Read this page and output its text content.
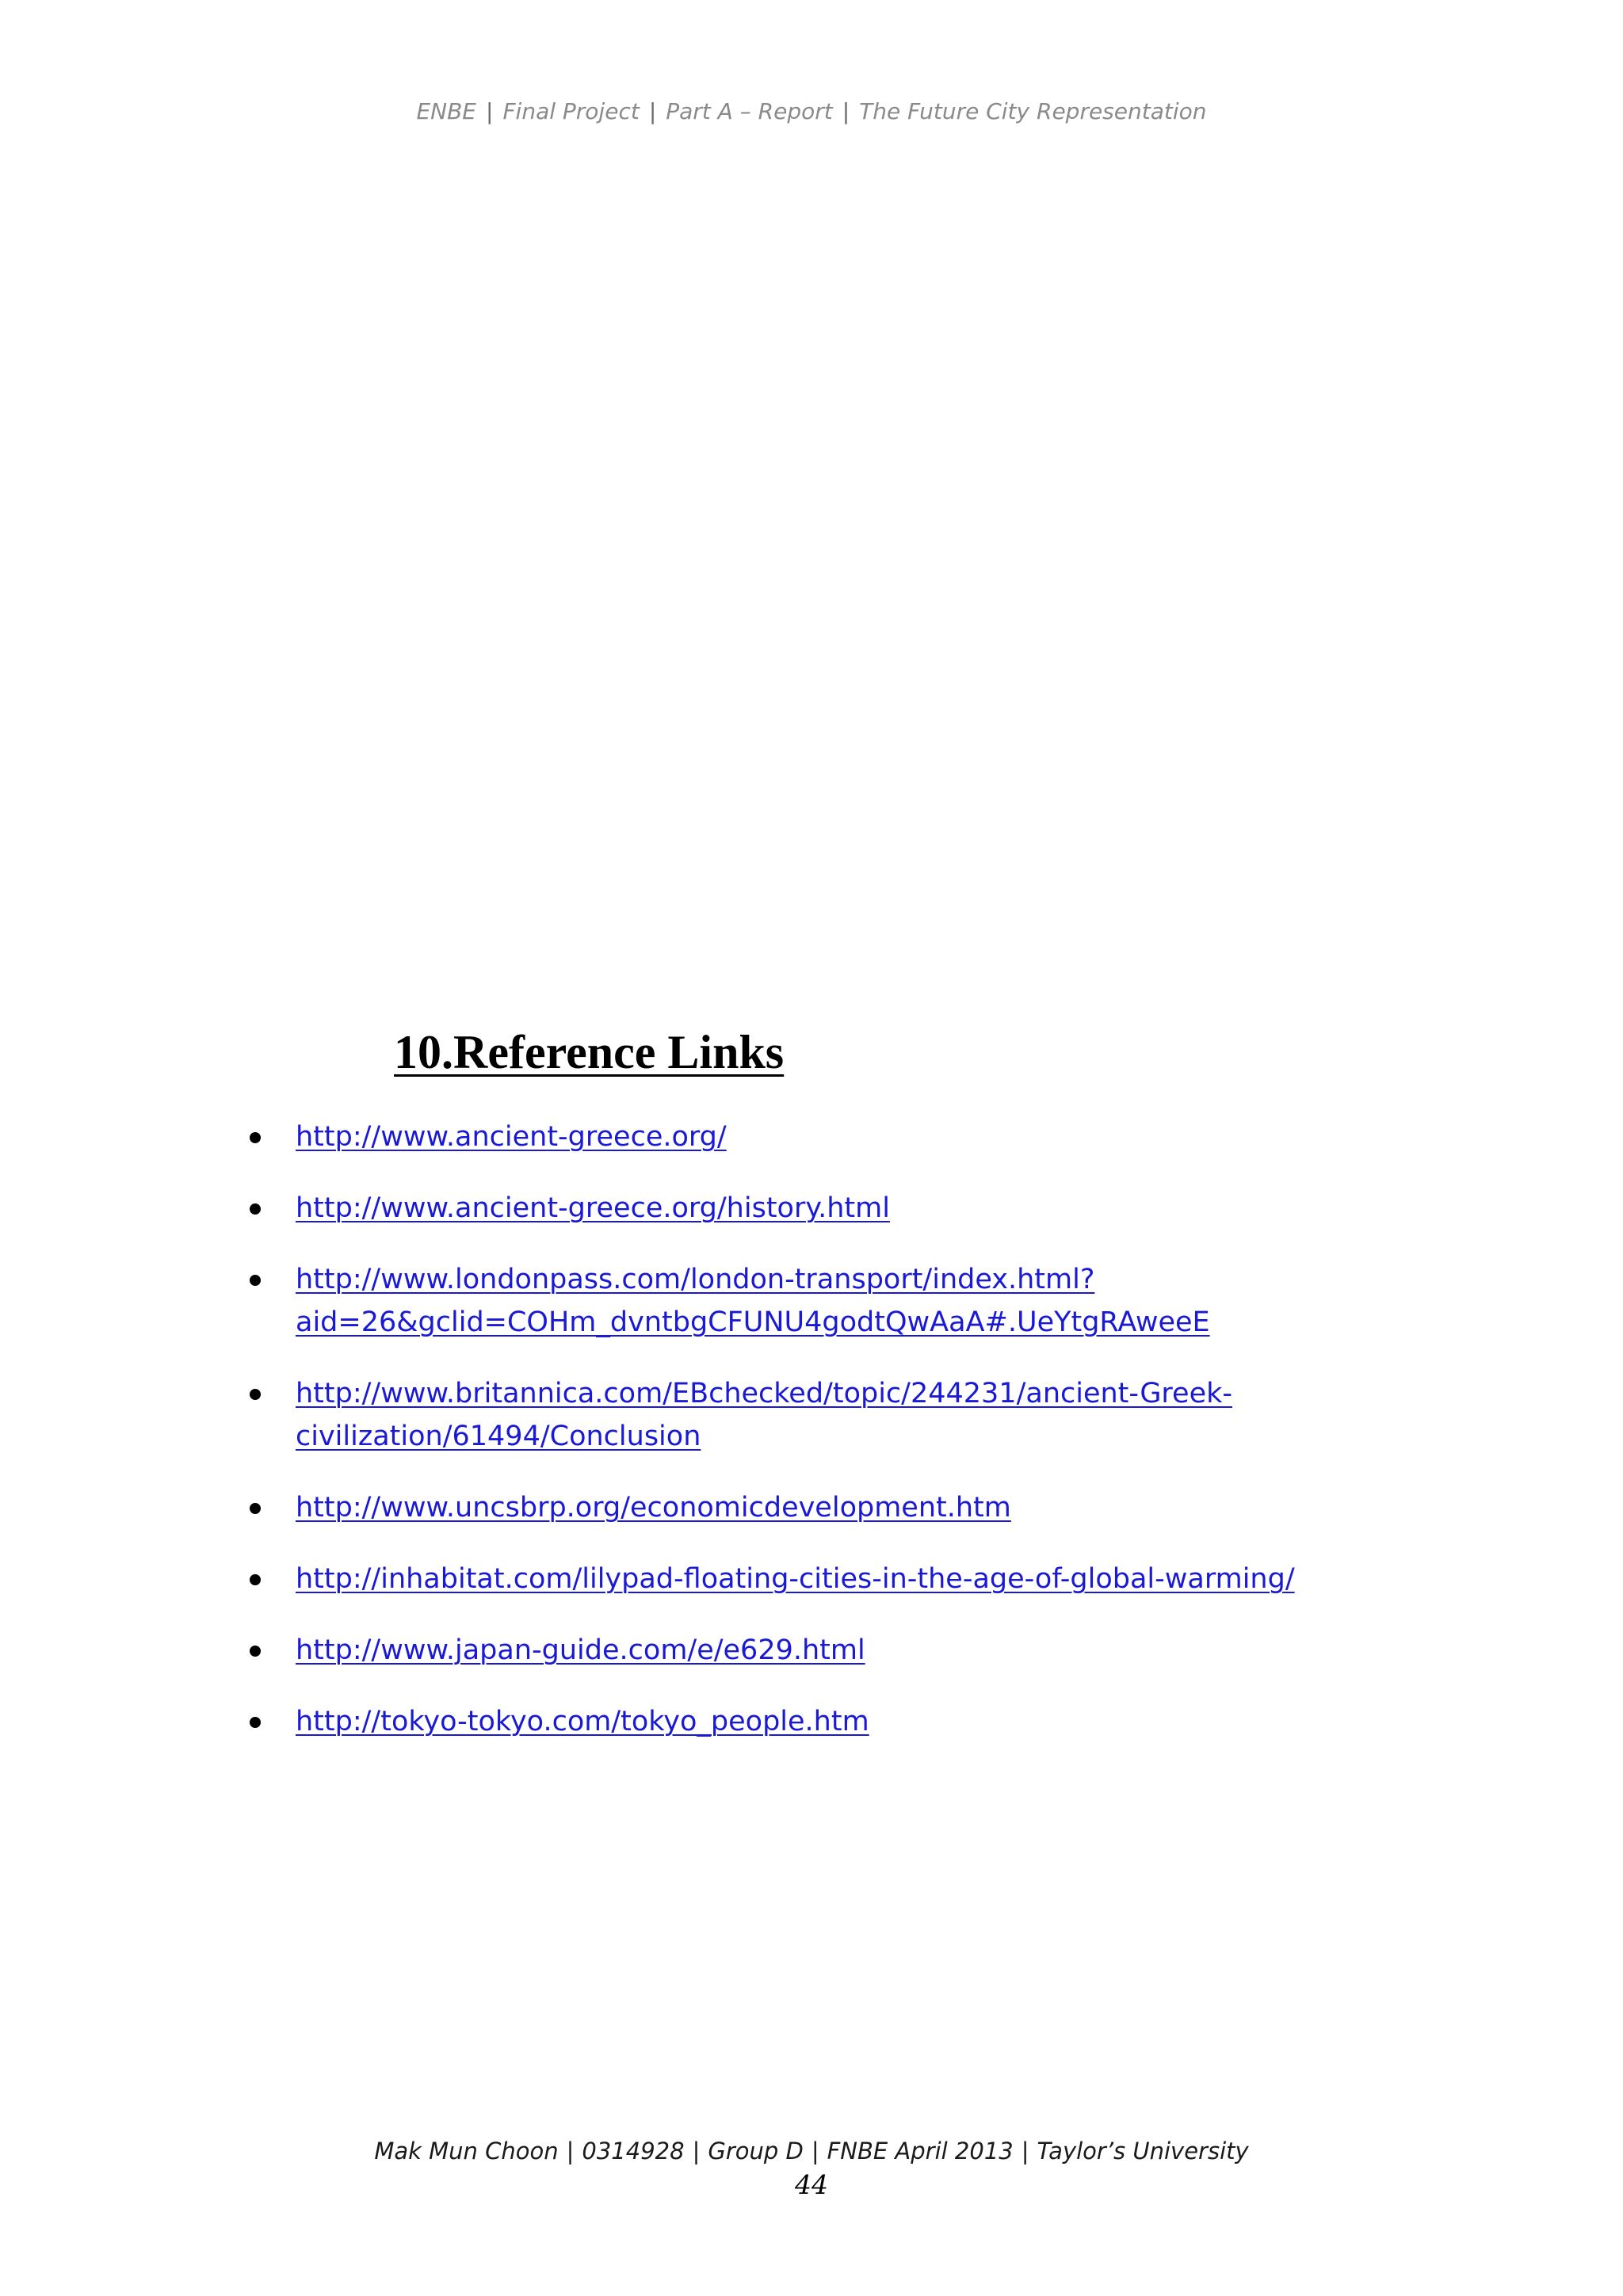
ENBE | Final Project | Part A – Report | The Future City Representation
10.Reference Links
http://www.ancient-greece.org/
http://www.ancient-greece.org/history.html
http://www.londonpass.com/london-transport/index.html?
aid=26&gclid=COHm_dvntbgCFUNU4godtQwAaA#.UeYtgRAweeE
http://www.britannica.com/EBchecked/topic/244231/ancient-Greek-
civilization/61494/Conclusion
http://www.uncsbrp.org/economicdevelopment.htm
http://inhabitat.com/lilypad-floating-cities-in-the-age-of-global-warming/
http://www.japan-guide.com/e/e629.html
http://tokyo-tokyo.com/tokyo_people.htm
Mak Mun Choon | 0314928 | Group D | FNBE April 2013 | Taylor’s University
44
